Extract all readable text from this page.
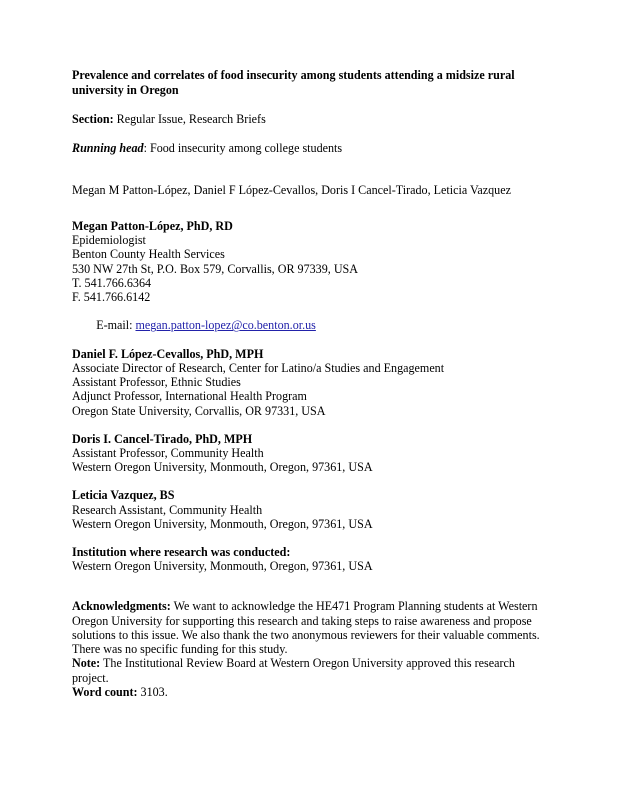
Prevalence and correlates of food insecurity among students attending a midsize rural university in Oregon
Section: Regular Issue, Research Briefs
Running head: Food insecurity among college students
Megan M Patton-López, Daniel F López-Cevallos, Doris I Cancel-Tirado, Leticia Vazquez
Megan Patton-López, PhD, RD
Epidemiologist
Benton County Health Services
530 NW 27th St, P.O. Box 579, Corvallis, OR 97339, USA
T. 541.766.6364
F. 541.766.6142

E-mail: megan.patton-lopez@co.benton.or.us

Daniel F. López-Cevallos, PhD, MPH
Associate Director of Research, Center for Latino/a Studies and Engagement
Assistant Professor, Ethnic Studies
Adjunct Professor, International Health Program
Oregon State University, Corvallis, OR 97331, USA
Doris I. Cancel-Tirado, PhD, MPH
Assistant Professor, Community Health
Western Oregon University, Monmouth, Oregon, 97361, USA
Leticia Vazquez, BS
Research Assistant, Community Health
Western Oregon University, Monmouth, Oregon, 97361, USA
Institution where research was conducted:
Western Oregon University, Monmouth, Oregon, 97361, USA
Acknowledgments: We want to acknowledge the HE471 Program Planning students at Western Oregon University for supporting this research and taking steps to raise awareness and propose solutions to this issue. We also thank the two anonymous reviewers for their valuable comments. There was no specific funding for this study.
Note: The Institutional Review Board at Western Oregon University approved this research project.
Word count: 3103.
